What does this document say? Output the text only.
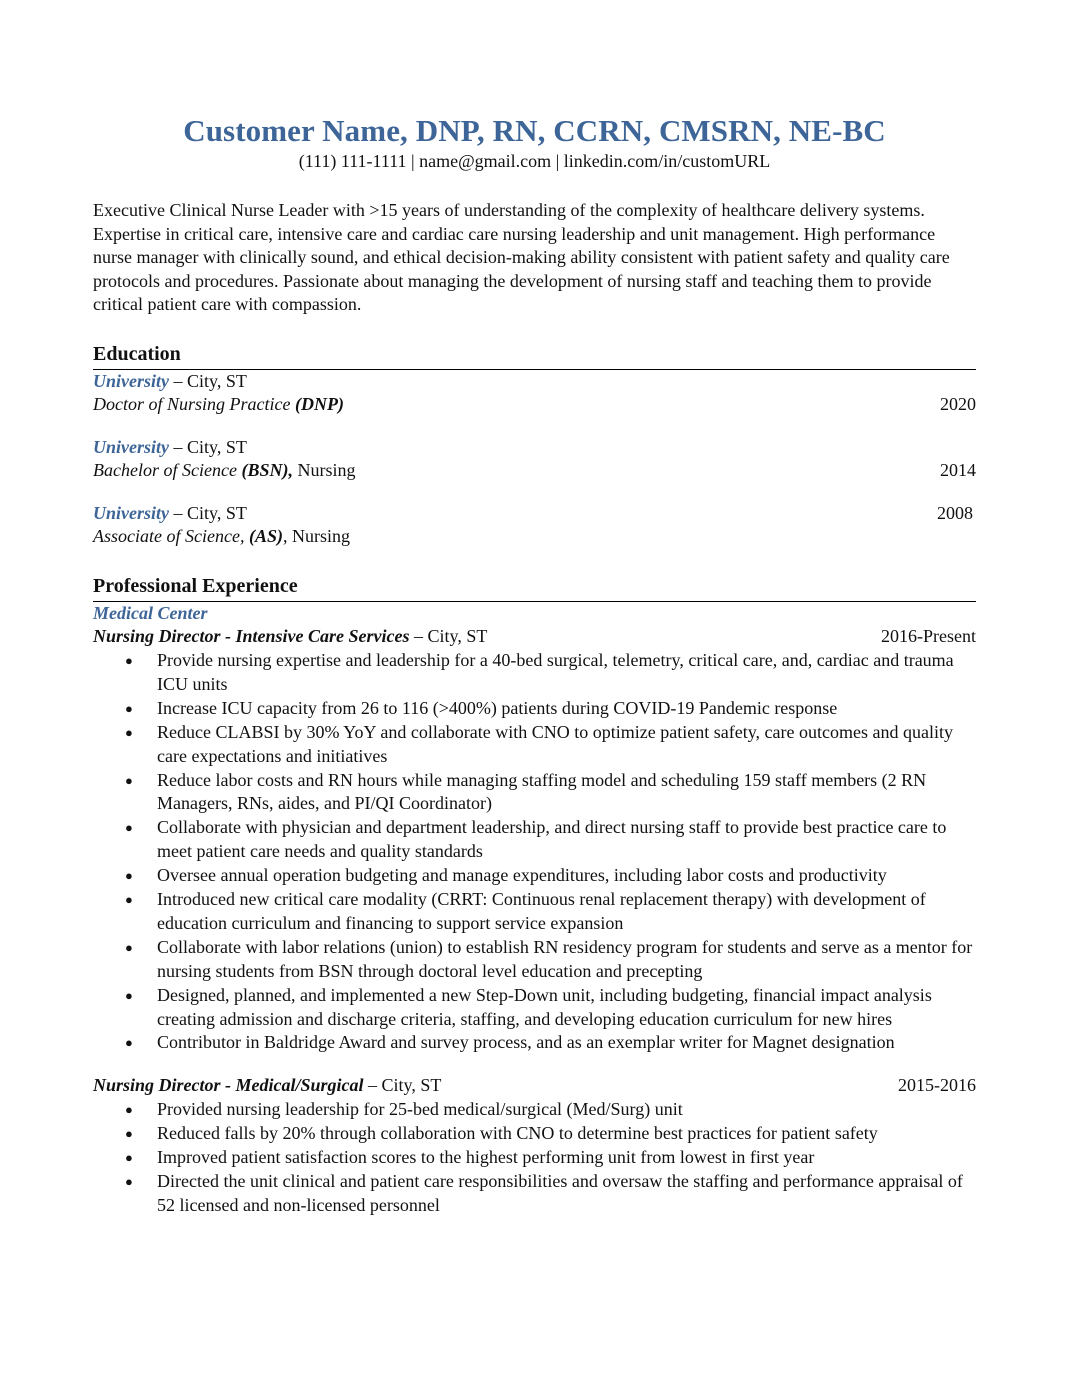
Customer Name, DNP, RN, CCRN, CMSRN, NE-BC
(111) 111-1111 | name@gmail.com | linkedin.com/in/customURL
Executive Clinical Nurse Leader with >15 years of understanding of the complexity of healthcare delivery systems. Expertise in critical care, intensive care and cardiac care nursing leadership and unit management. High performance nurse manager with clinically sound, and ethical decision-making ability consistent with patient safety and quality care protocols and procedures. Passionate about managing the development of nursing staff and teaching them to provide critical patient care with compassion.
Education
University – City, ST
Doctor of Nursing Practice (DNP)	2020
University – City, ST
Bachelor of Science (BSN), Nursing	2014
University – City, ST	2008
Associate of Science, (AS), Nursing
Professional Experience
Medical Center
Nursing Director - Intensive Care Services – City, ST	2016-Present
● Provide nursing expertise and leadership for a 40-bed surgical, telemetry, critical care, and, cardiac and trauma ICU units
● Increase ICU capacity from 26 to 116 (>400%) patients during COVID-19 Pandemic response
● Reduce CLABSI by 30% YoY and collaborate with CNO to optimize patient safety, care outcomes and quality care expectations and initiatives
● Reduce labor costs and RN hours while managing staffing model and scheduling 159 staff members (2 RN Managers, RNs, aides, and PI/QI Coordinator)
● Collaborate with physician and department leadership, and direct nursing staff to provide best practice care to meet patient care needs and quality standards
● Oversee annual operation budgeting and manage expenditures, including labor costs and productivity
● Introduced new critical care modality (CRRT: Continuous renal replacement therapy) with development of education curriculum and financing to support service expansion
● Collaborate with labor relations (union) to establish RN residency program for students and serve as a mentor for nursing students from BSN through doctoral level education and precepting
● Designed, planned, and implemented a new Step-Down unit, including budgeting, financial impact analysis creating admission and discharge criteria, staffing, and developing education curriculum for new hires
● Contributor in Baldridge Award and survey process, and as an exemplar writer for Magnet designation
Nursing Director - Medical/Surgical – City, ST	2015-2016
● Provided nursing leadership for 25-bed medical/surgical (Med/Surg) unit
● Reduced falls by 20% through collaboration with CNO to determine best practices for patient safety
● Improved patient satisfaction scores to the highest performing unit from lowest in first year
● Directed the unit clinical and patient care responsibilities and oversaw the staffing and performance appraisal of 52 licensed and non-licensed personnel
